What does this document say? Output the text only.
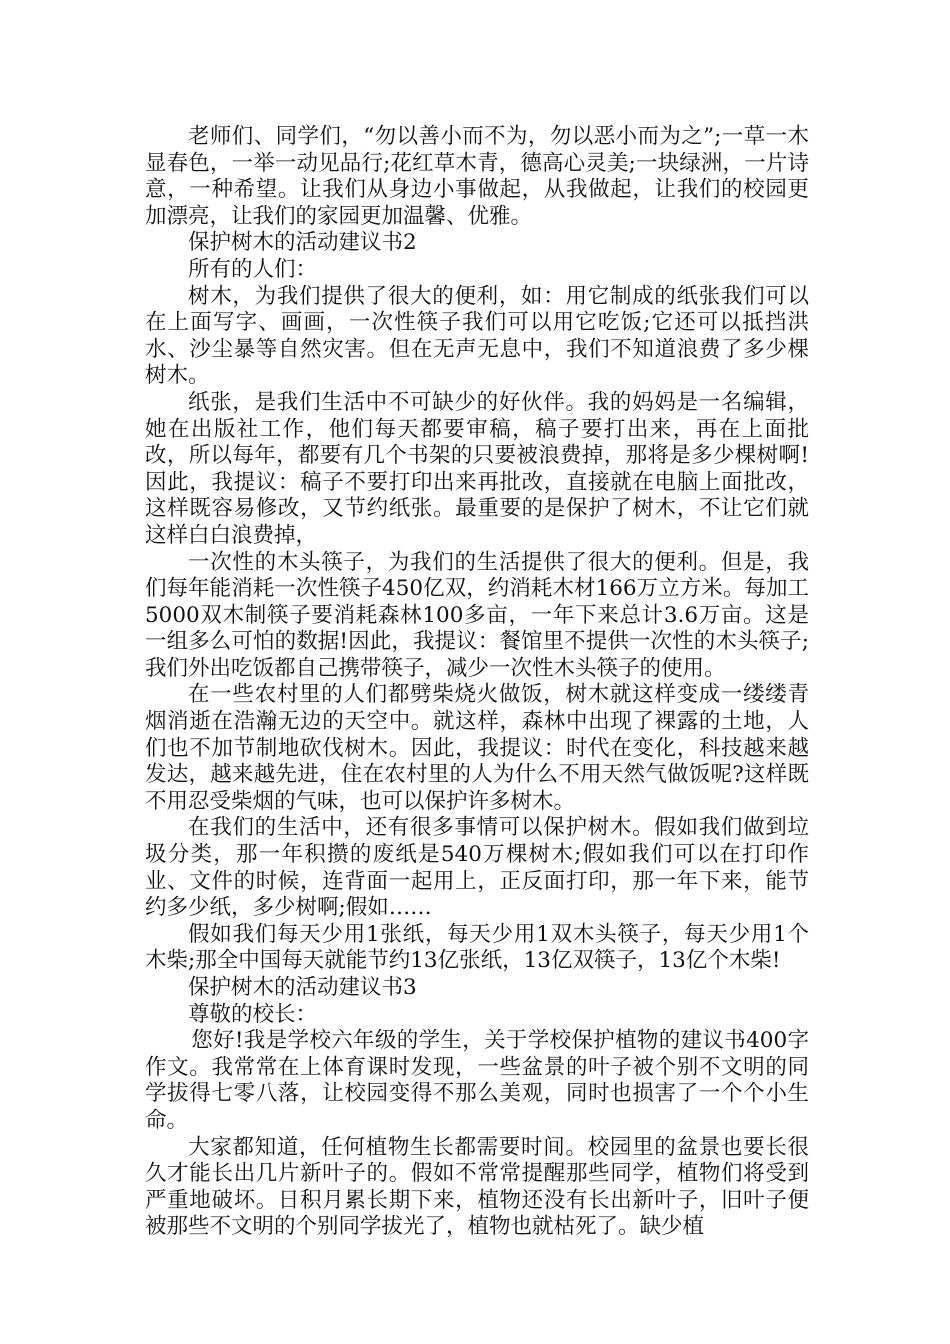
老师们、同学们，“勿以善小而不为，勿以恶小而为之”;一草一木显春色，一举一动见品行;花红草木青，德高心灵美;一块绿洲，一片诗意，一种希望。让我们从身边小事做起，从我做起，让我们的校园更加漂亮，让我们的家园更加温馨、优雅。

保护树木的活动建议书2

所有的人们：

树木，为我们提供了很大的便利，如：用它制成的纸张我们可以在上面写字、画画，一次性筷子我们可以用它吃饭;它还可以抵挡洪水、沙尘暴等自然灾害。但在无声无息中，我们不知道浪费了多少棵树木。

纸张，是我们生活中不可缺少的好伙伴。我的妈妈是一名编辑，她在出版社工作，他们每天都要审稿，稿子要打出来，再在上面批改，所以每年，都要有几个书架的只要被浪费掉，那将是多少棵树啊!因此，我提议：稿子不要打印出来再批改，直接就在电脑上面批改，这样既容易修改，又节约纸张。最重要的是保护了树木，不让它们就这样白白浪费掉，

一次性的木头筷子，为我们的生活提供了很大的便利。但是，我们每年能消耗一次性筷子450亿双，约消耗木材166万立方米。每加工5000双木制筷子要消耗森林100多亩，一年下来总计3.6万亩。这是一组多么可怕的数据!因此，我提议：餐馆里不提供一次性的木头筷子;我们外出吃饭都自己携带筷子，减少一次性木头筷子的使用。

在一些农村里的人们都劈柴烧火做饭，树木就这样变成一缕缕青烟消逝在浩瀚无边的天空中。就这样，森林中出现了裸露的土地，人们也不加节制地砍伐树木。因此，我提议：时代在变化，科技越来越发达，越来越先进，住在农村里的人为什么不用天然气做饭呢?这样既不用忍受柴烟的气味，也可以保护许多树木。

在我们的生活中，还有很多事情可以保护树木。假如我们做到垃圾分类，那一年积攒的废纸是540万棵树木;假如我们可以在打印作业、文件的时候，连背面一起用上，正反面打印，那一年下来，能节约多少纸，多少树啊;假如……

假如我们每天少用1张纸，每天少用1双木头筷子，每天少用1个木柴;那全中国每天就能节约13亿张纸，13亿双筷子，13亿个木柴!

保护树木的活动建议书3

尊敬的校长：

您好!我是学校六年级的学生，关于学校保护植物的建议书400字作文。我常常在上体育课时发现，一些盆景的叶子被个别不文明的同学拔得七零八落，让校园变得不那么美观，同时也损害了一个个小生命。

大家都知道，任何植物生长都需要时间。校园里的盆景也要长很久才能长出几片新叶子的。假如不常常提醒那些同学，植物们将受到严重地破坏。日积月累长期下来，植物还没有长出新叶子，旧叶子便被那些不文明的个别同学拔光了，植物也就枯死了。缺少植
